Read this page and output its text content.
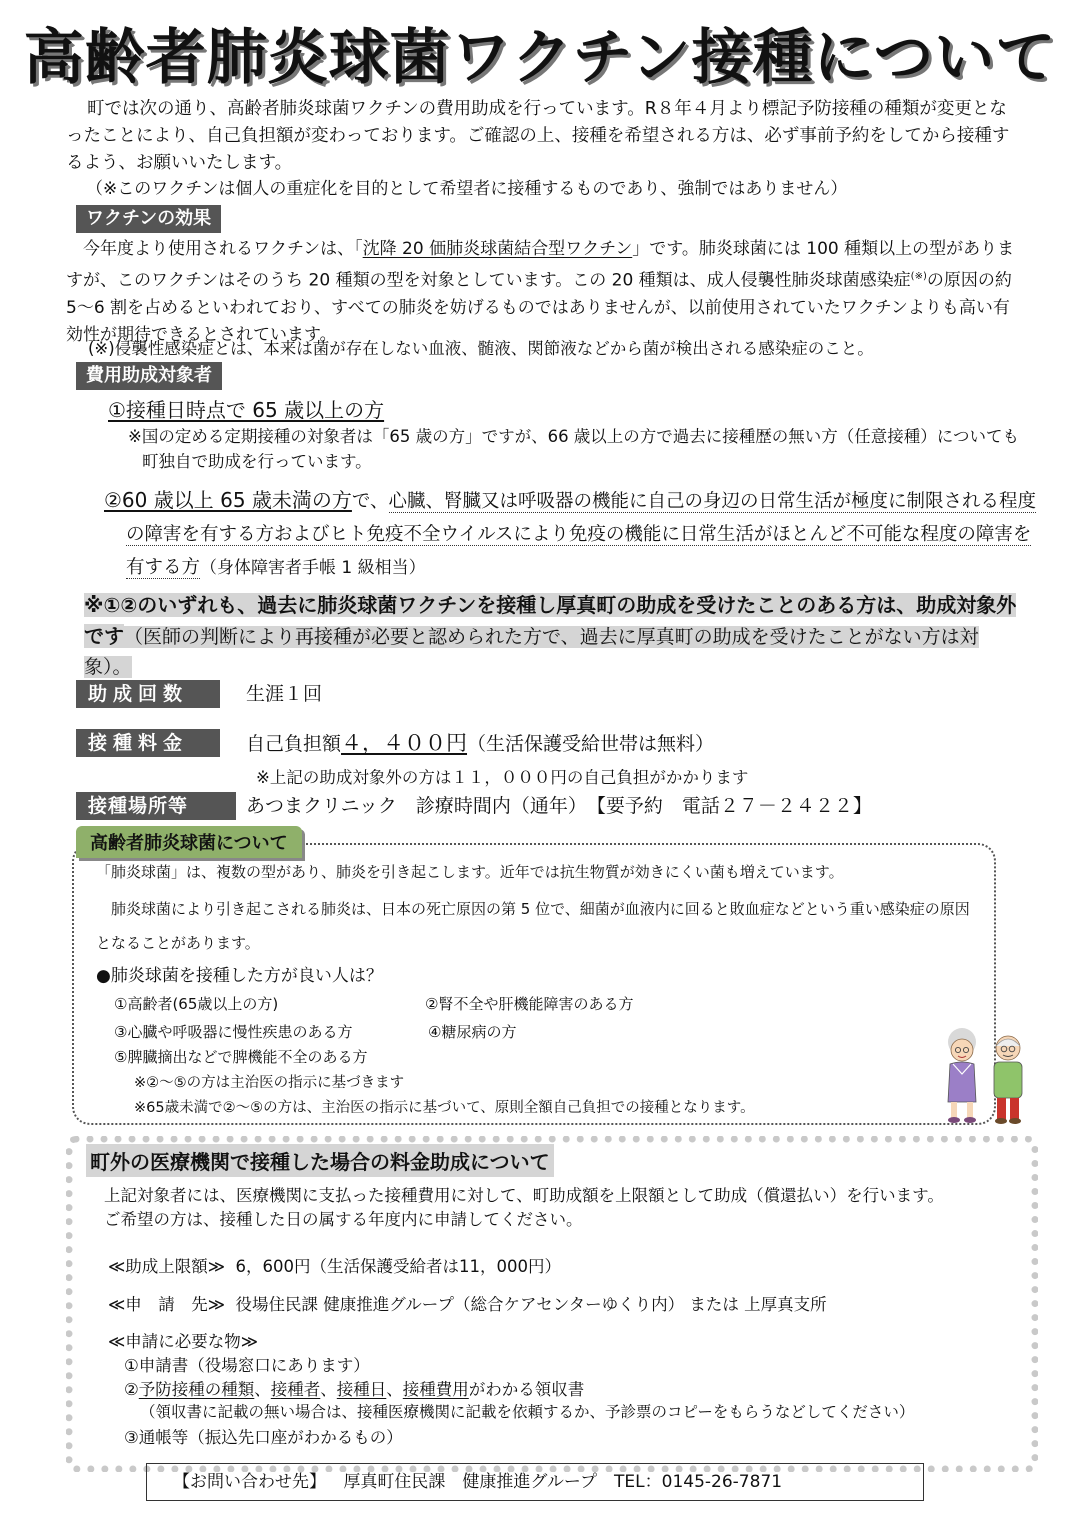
高齢者肺炎球菌ワクチン接種について

町では次の通り、高齢者肺炎球菌ワクチンの費用助成を行っています。R８年４月より標記予防接種の種類が変更となったことにより、自己負担額が変わっております。ご確認の上、接種を希望される方は、必ず事前予約をしてから接種するよう、お願いいたします。

（※このワクチンは個人の重症化を目的として希望者に接種するものであり、強制ではありません）

ワクチンの効果

今年度より使用されるワクチンは、「沈降 20 価肺炎球菌結合型ワクチン」です。肺炎球菌には 100 種類以上の型がありますが、このワクチンはそのうち 20 種類の型を対象としています。この 20 種類は、成人侵襲性肺炎球菌感染症(※)の原因の約 5～6 割を占めるといわれており、すべての肺炎を妨げるものではありませんが、以前使用されていたワクチンよりも高い有効性が期待できるとされています。

(※)侵襲性感染症とは、本来は菌が存在しない血液、髄液、関節液などから菌が検出される感染症のこと。

費用助成対象者

①接種日時点で 65 歳以上の方

※国の定める定期接種の対象者は「65 歳の方」ですが、66 歳以上の方で過去に接種歴の無い方（任意接種）についても町独自で助成を行っています。

②60 歳以上 65 歳未満の方で、心臓、腎臓又は呼吸器の機能に自己の身辺の日常生活が極度に制限される程度の障害を有する方およびヒト免疫不全ウイルスにより免疫の機能に日常生活がほとんど不可能な程度の障害を有する方（身体障害者手帳 1 級相当）

※①②のいずれも、過去に肺炎球菌ワクチンを接種し厚真町の助成を受けたことのある方は、助成対象外です（医師の判断により再接種が必要と認められた方で、過去に厚真町の助成を受けたことがない方は対象）。

助成回数	生涯１回
接種料金	自己負担額４，４００円（生活保護受給世帯は無料）
※上記の助成対象外の方は１１，０００円の自己負担がかかります
接種場所等	あつまクリニック　診療時間内（通年）　【要予約　電話２７－２４２２】
高齢者肺炎球菌について

「肺炎球菌」は、複数の型があり、肺炎を引き起こします。近年では抗生物質が効きにくい菌も増えています。

肺炎球菌により引き起こされる肺炎は、日本の死亡原因の第 5 位で、細菌が血液内に回ると敗血症などという重い感染症の原因となることがあります。

●肺炎球菌を接種した方が良い人は？

①高齢者(65歳以上の方)	②腎不全や肝機能障害のある方
③心臓や呼吸器に慢性疾患のある方	④糖尿病の方
⑤脾臓摘出などで脾機能不全のある方
※②～⑤の方は主治医の指示に基づきます
※65歳未満で②～⑤の方は、主治医の指示に基づいて、原則全額自己負担での接種となります。
町外の医療機関で接種した場合の料金助成について

上記対象者には、医療機関に支払った接種費用に対して、町助成額を上限額として助成（償還払い）を行います。

ご希望の方は、接種した日の属する年度内に申請してください。

≪助成上限額≫ 6，600円（生活保護受給者は11，000円）
≪申　請　先≫ 役場住民課 健康推進グループ（総合ケアセンターゆくり内） または 上厚真支所
≪申請に必要な物≫
①申請書（役場窓口にあります）
②予防接種の種類、接種者、接種日、接種費用がわかる領収書
（領収書に記載の無い場合は、接種医療機関に記載を依頼するか、予診票のコピーをもらうなどしてください）
③通帳等（振込先口座がわかるもの）
【お問い合わせ先】 厚真町住民課　健康推進グループ　TEL：0145-26-7871
